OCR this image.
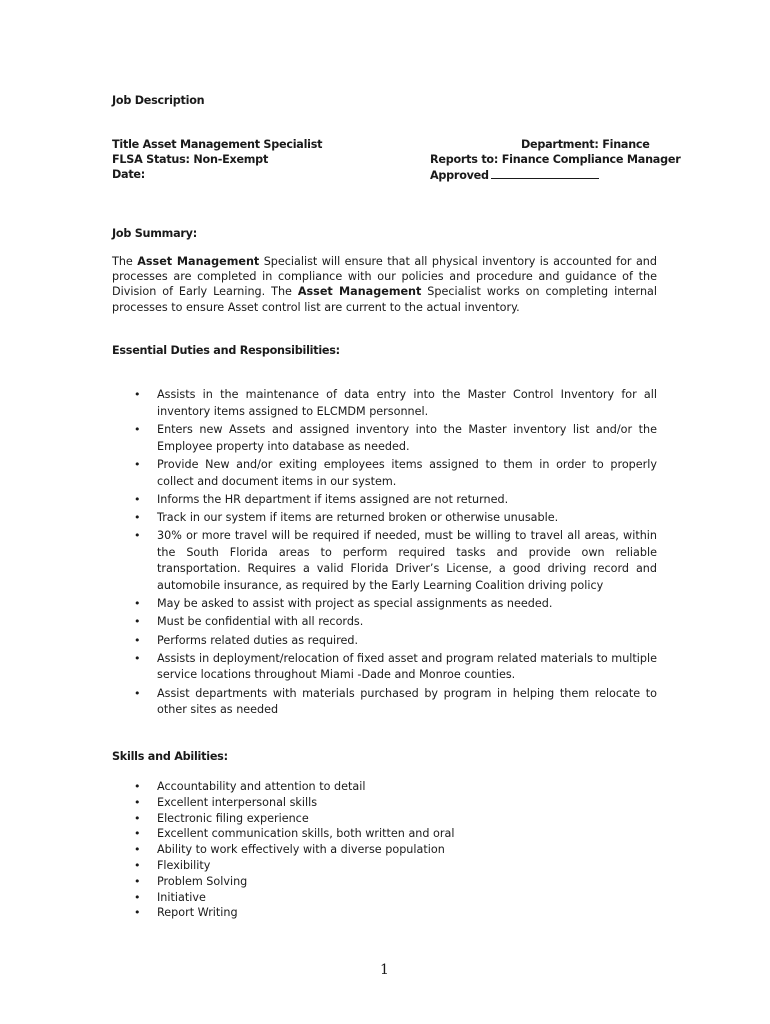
Job Description
Title Asset Management Specialist
FLSA Status: Non-Exempt
Date:
Department: Finance
Reports to: Finance Compliance Manager
Approved
Job Summary:
The Asset Management Specialist will ensure that all physical inventory is accounted for and processes are completed in compliance with our policies and procedure and guidance of the Division of Early Learning. The Asset Management Specialist works on completing internal processes to ensure Asset control list are current to the actual inventory.
Essential Duties and Responsibilities:
• Assists in the maintenance of data entry into the Master Control Inventory for all inventory items assigned to ELCMDM personnel.
• Enters new Assets and assigned inventory into the Master inventory list and/or the Employee property into database as needed.
• Provide New and/or exiting employees items assigned to them in order to properly collect and document items in our system.
• Informs the HR department if items assigned are not returned.
• Track in our system if items are returned broken or otherwise unusable.
• 30% or more travel will be required if needed, must be willing to travel all areas, within the South Florida areas to perform required tasks and provide own reliable transportation. Requires a valid Florida Driver’s License, a good driving record and automobile insurance, as required by the Early Learning Coalition driving policy
• May be asked to assist with project as special assignments as needed.
• Must be confidential with all records.
• Performs related duties as required.
• Assists in deployment/relocation of fixed asset and program related materials to multiple service locations throughout Miami -Dade and Monroe counties.
• Assist departments with materials purchased by program in helping them relocate to other sites as needed
Skills and Abilities:
• Accountability and attention to detail
• Excellent interpersonal skills
• Electronic filing experience
• Excellent communication skills, both written and oral
• Ability to work effectively with a diverse population
• Flexibility
• Problem Solving
• Initiative
• Report Writing
1
